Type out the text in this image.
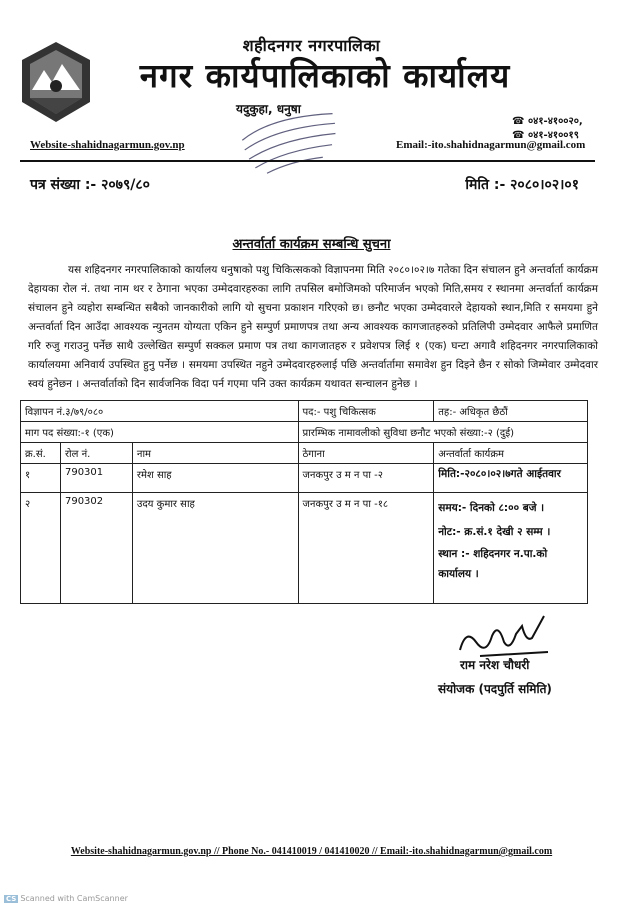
शहीदनगर नगरपालिका
नगर कार्यपालिकाको कार्यालय
यदुकुहा, धनुषा
☎ ०४१-४१००२०,
☎ ०४१-४१००१९
Website-shahidnagarmun.gov.np	Email:-ito.shahidnagarmun@gmail.com
पत्र संख्या :- २०७९/८०	मिति :- २०८०।०२।०१
अन्तर्वार्ता कार्यक्रम सम्बन्धि सुचना
यस शहिदनगर नगरपालिकाको कार्यालय धनुषाको पशु चिकित्सकको विज्ञापनमा मिति २०८०।०२।७ गतेका दिन संचालन हुने अन्तर्वार्ता कार्यक्रम देहायका रोल नं. तथा नाम थर र ठेगाना भएका उम्मेदवारहरुका लागि तपसिल बमोजिमको परिमार्जन भएको मिति,समय र स्थानमा अन्तर्वार्ता कार्यक्रम संचालन हुने व्यहोरा सम्बन्धित सबैको जानकारीको लागि यो सुचना प्रकाशन गरिएको छ। छनौट भएका उम्मेदवारले देहायको स्थान,मिति र समयमा हुने अन्तर्वार्ता दिन आउँदा आवश्यक न्युनतम योग्यता एकिन हुने सम्पुर्ण प्रमाणपत्र तथा अन्य आवश्यक कागजातहरुको प्रतिलिपी उम्मेदवार आफैले प्रमाणित गरि रुजु गराउनु पर्नेछ साथै उल्लेखित सम्पुर्ण सक्कल प्रमाण पत्र तथा कागजातहरु र प्रवेशपत्र लिई १ (एक) घन्टा अगावै शहिदनगर नगरपालिकाको कार्यालयमा अनिवार्य उपस्थित हुनु पर्नेछ । समयमा उपस्थित नहुने उम्मेदवारहरुलाई पछि अन्तर्वार्तामा समावेश हुन दिइने छैन र सोको जिम्मेवार उम्मेदवार स्वयं हुनेछन । अन्तर्वार्ताको दिन सार्वजनिक विदा पर्न गएमा पनि उक्त कार्यक्रम यथावत सन्चालन हुनेछ ।
विज्ञापन नं.३/७९/०८०			पद:- पशु चिकित्सक	तह:- अधिकृत छैठौं
माग पद संख्या:-१ (एक)			प्रारम्भिक नामावलीको सुविधा छनौट भएको संख्या:-२ (दुई)	
क्र.सं.	रोल नं.	नाम	ठेगाना	अन्तर्वार्ता कार्यक्रम
१	790301	रमेश साह	जनकपुर उ म न पा -२	मिति:-२०८०।०२।७गते आईतवार
२	790302	उदय कुमार साह	जनकपुर उ म न पा -१८	समय:- दिनको ८:०० बजे ।
नोट:- क्र.सं.१ देखी २ सम्म ।
स्थान :- शहिदनगर न.पा.को कार्यालय ।
राम नरेश चौधरी
संयोजक (पदपुर्ति समिति)
Website-shahidnagarmun.gov.np // Phone No.- 041410019 / 041410020 // Email:-ito.shahidnagarmun@gmail.com
CS Scanned with CamScanner
